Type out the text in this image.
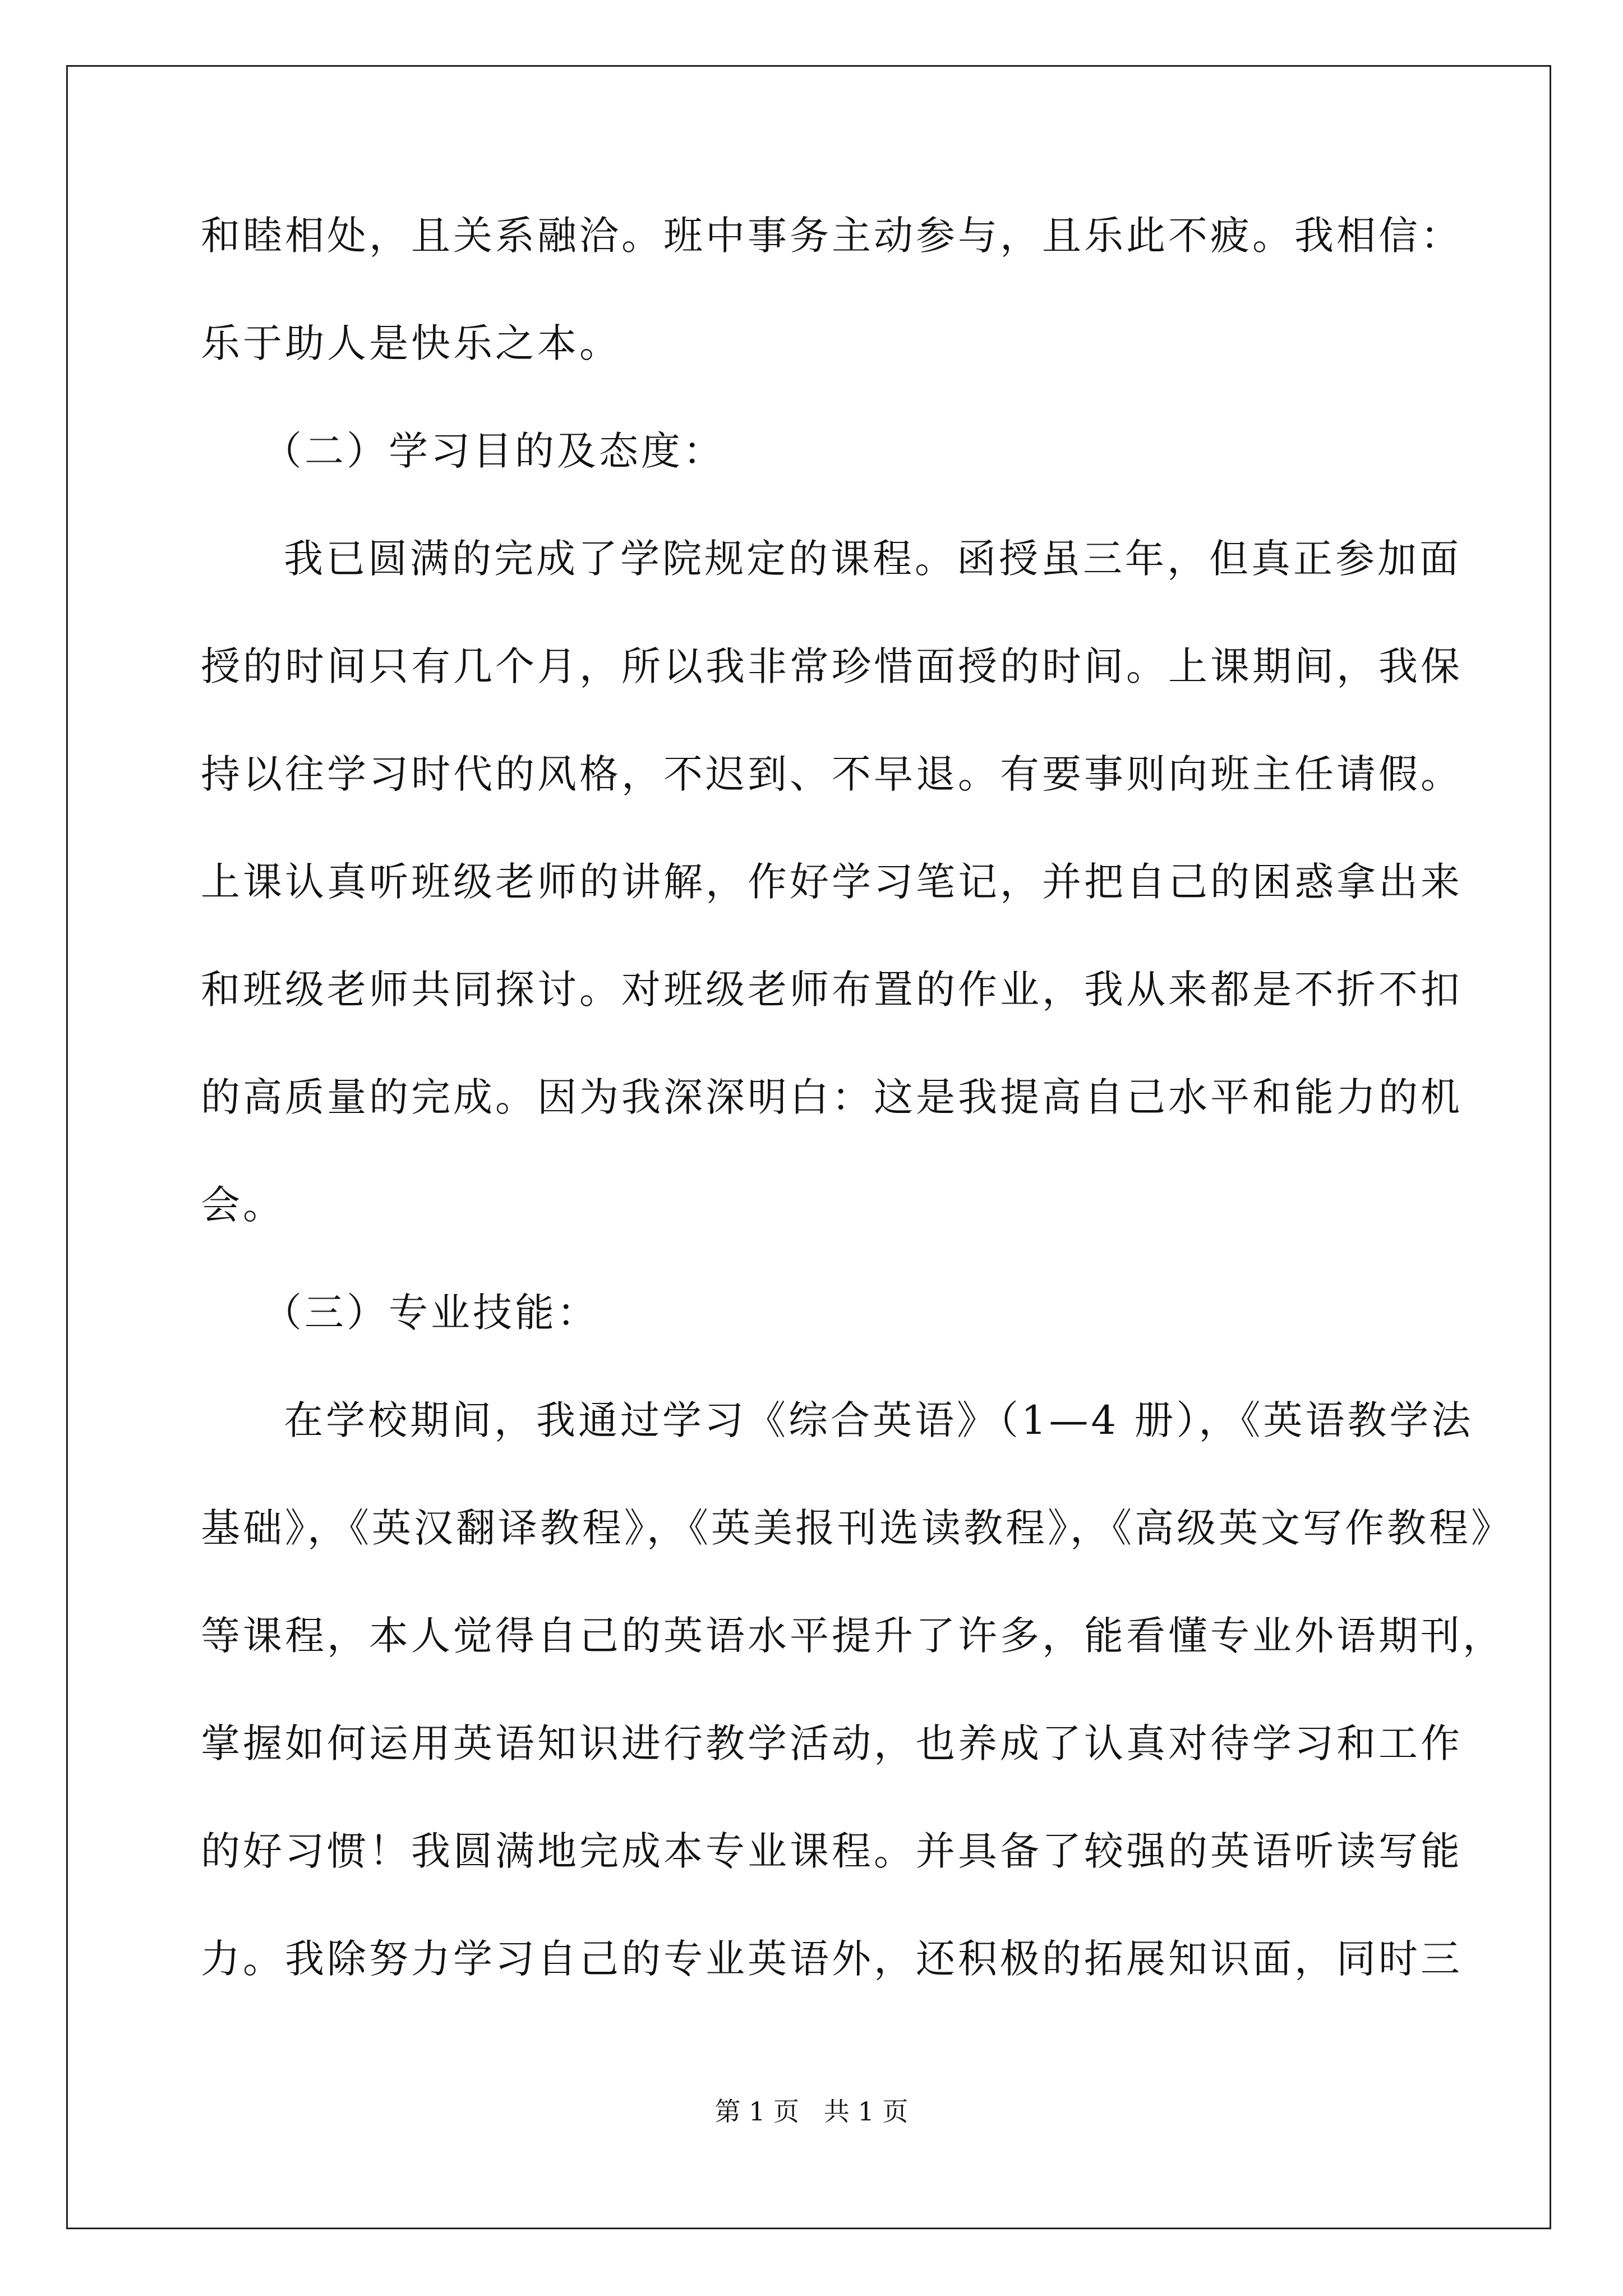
和睦相处，且关系融洽。班中事务主动参与，且乐此不疲。我相信：
乐于助人是快乐之本。
（二）学习目的及态度：
我已圆满的完成了学院规定的课程。函授虽三年，但真正参加面
授的时间只有几个月，所以我非常珍惜面授的时间。上课期间，我保
持以往学习时代的风格，不迟到、不早退。有要事则向班主任请假。
上课认真听班级老师的讲解，作好学习笔记，并把自己的困惑拿出来
和班级老师共同探讨。对班级老师布置的作业，我从来都是不折不扣
的高质量的完成。因为我深深明白：这是我提高自己水平和能力的机
会。
（三）专业技能：
在学校期间，我通过学习《综合英语》（1—4 册），《英语教学法
基础》，《英汉翻译教程》，《英美报刊选读教程》，《高级英文写作教程》
等课程，本人觉得自己的英语水平提升了许多，能看懂专业外语期刊，
掌握如何运用英语知识进行教学活动，也养成了认真对待学习和工作
的好习惯！我圆满地完成本专业课程。并具备了较强的英语听读写能
力。我除努力学习自己的专业英语外，还积极的拓展知识面，同时三
第 1 页   共 1 页
